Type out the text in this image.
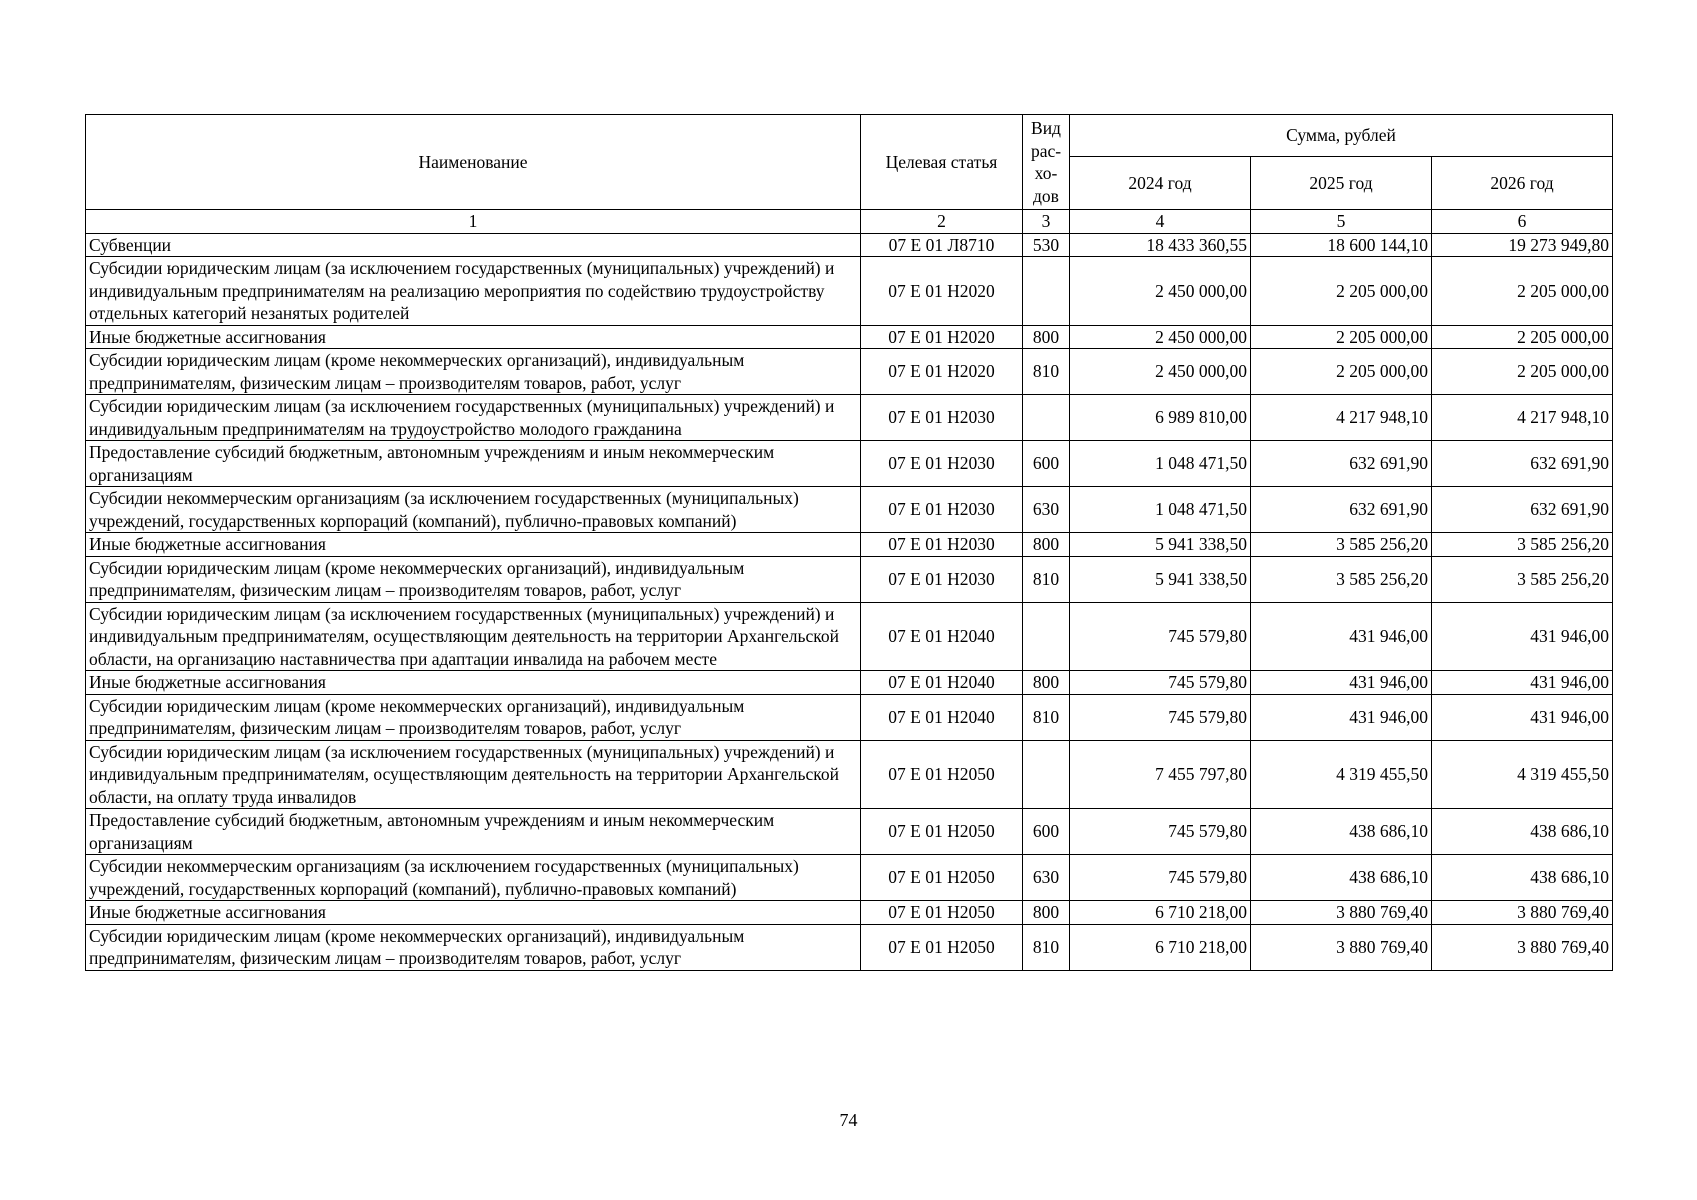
Наименование	Целевая статья	Вид рас- хо- дов	Сумма, рублей		
			2024 год	2025 год	2026 год
1	2	3	4	5	6
Субвенции	07 Е 01 Л8710	530	18 433 360,55	18 600 144,10	19 273 949,80
Субсидии юридическим лицам (за исключением государственных (муниципальных) учреждений) и индивидуальным предпринимателям на реализацию мероприятия по содействию трудоустройству отдельных категорий незанятых родителей	07 Е 01 Н2020		2 450 000,00	2 205 000,00	2 205 000,00
Иные бюджетные ассигнования	07 Е 01 Н2020	800	2 450 000,00	2 205 000,00	2 205 000,00
Субсидии юридическим лицам (кроме некоммерческих организаций), индивидуальным предпринимателям, физическим лицам – производителям товаров, работ, услуг	07 Е 01 Н2020	810	2 450 000,00	2 205 000,00	2 205 000,00
Субсидии юридическим лицам (за исключением государственных (муниципальных) учреждений) и индивидуальным предпринимателям на трудоустройство молодого гражданина	07 Е 01 Н2030		6 989 810,00	4 217 948,10	4 217 948,10
Предоставление субсидий бюджетным, автономным учреждениям и иным некоммерческим организациям	07 Е 01 Н2030	600	1 048 471,50	632 691,90	632 691,90
Субсидии некоммерческим организациям (за исключением государственных (муниципальных) учреждений, государственных корпораций (компаний), публично-правовых компаний)	07 Е 01 Н2030	630	1 048 471,50	632 691,90	632 691,90
Иные бюджетные ассигнования	07 Е 01 Н2030	800	5 941 338,50	3 585 256,20	3 585 256,20
Субсидии юридическим лицам (кроме некоммерческих организаций), индивидуальным предпринимателям, физическим лицам – производителям товаров, работ, услуг	07 Е 01 Н2030	810	5 941 338,50	3 585 256,20	3 585 256,20
Субсидии юридическим лицам (за исключением государственных (муниципальных) учреждений) и индивидуальным предпринимателям, осуществляющим деятельность на территории Архангельской области, на организацию наставничества при адаптации инвалида на рабочем месте	07 Е 01 Н2040		745 579,80	431 946,00	431 946,00
Иные бюджетные ассигнования	07 Е 01 Н2040	800	745 579,80	431 946,00	431 946,00
Субсидии юридическим лицам (кроме некоммерческих организаций), индивидуальным предпринимателям, физическим лицам – производителям товаров, работ, услуг	07 Е 01 Н2040	810	745 579,80	431 946,00	431 946,00
Субсидии юридическим лицам (за исключением государственных (муниципальных) учреждений) и индивидуальным предпринимателям, осуществляющим деятельность на территории Архангельской области, на оплату труда инвалидов	07 Е 01 Н2050		7 455 797,80	4 319 455,50	4 319 455,50
Предоставление субсидий бюджетным, автономным учреждениям и иным некоммерческим организациям	07 Е 01 Н2050	600	745 579,80	438 686,10	438 686,10
Субсидии некоммерческим организациям (за исключением государственных (муниципальных) учреждений, государственных корпораций (компаний), публично-правовых компаний)	07 Е 01 Н2050	630	745 579,80	438 686,10	438 686,10
Иные бюджетные ассигнования	07 Е 01 Н2050	800	6 710 218,00	3 880 769,40	3 880 769,40
Субсидии юридическим лицам (кроме некоммерческих организаций), индивидуальным предпринимателям, физическим лицам – производителям товаров, работ, услуг	07 Е 01 Н2050	810	6 710 218,00	3 880 769,40	3 880 769,40
74
